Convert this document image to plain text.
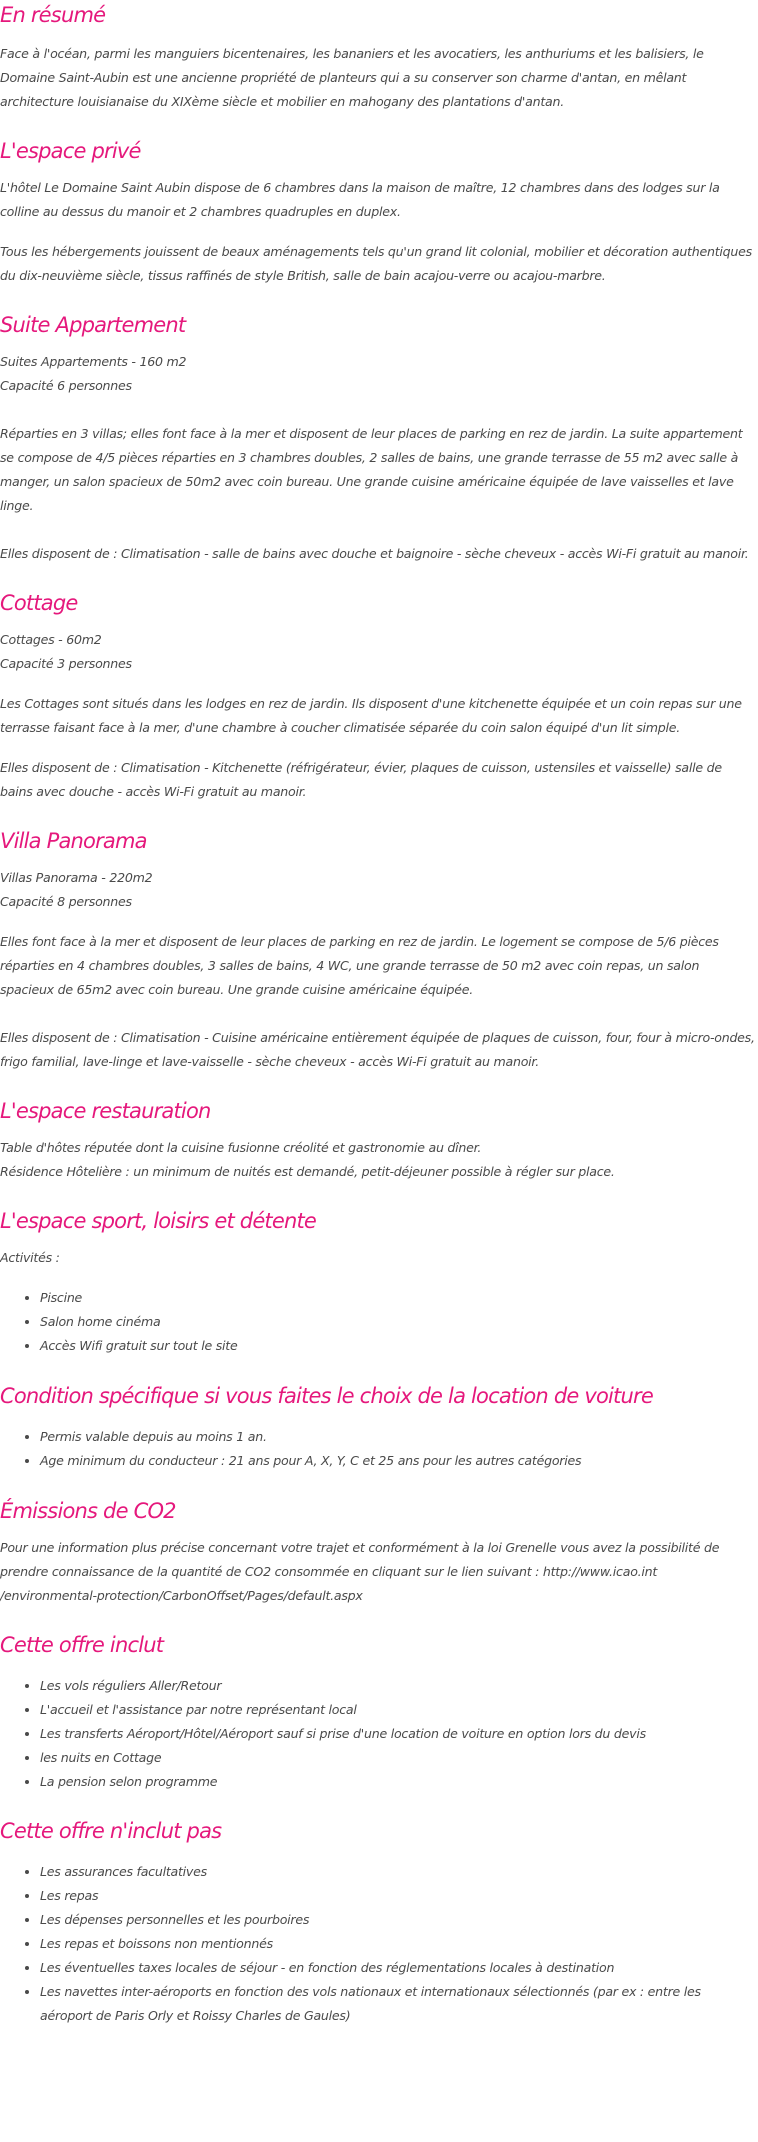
En résumé

Face à l'océan, parmi les manguiers bicentenaires, les bananiers et les avocatiers, les anthuriums et les balisiers, le Domaine Saint-Aubin est une ancienne propriété de planteurs qui a su conserver son charme d'antan, en mêlant architecture louisianaise du XIXème siècle et mobilier en mahogany des plantations d'antan.

L'espace privé

L'hôtel Le Domaine Saint Aubin dispose de 6 chambres dans la maison de maître, 12 chambres dans des lodges sur la colline au dessus du manoir et 2 chambres quadruples en duplex.

Tous les hébergements jouissent de beaux aménagements tels qu'un grand lit colonial, mobilier et décoration authentiques du dix-neuvième siècle, tissus raffinés de style British, salle de bain acajou-verre ou acajou-marbre.

Suite Appartement

Suites Appartements - 160 m2
Capacité 6 personnes

Réparties en 3 villas; elles font face à la mer et disposent de leur places de parking en rez de jardin. La suite appartement se compose de 4/5 pièces réparties en 3 chambres doubles, 2 salles de bains, une grande terrasse de 55 m2 avec salle à manger, un salon spacieux de 50m2 avec coin bureau. Une grande cuisine américaine équipée de lave vaisselles et lave linge.

Elles disposent de : Climatisation - salle de bains avec douche et baignoire - sèche cheveux - accès Wi-Fi gratuit au manoir.

Cottage

Cottages - 60m2
Capacité 3 personnes

Les Cottages sont situés dans les lodges en rez de jardin. Ils disposent d'une kitchenette équipée et un coin repas sur une terrasse faisant face à la mer, d'une chambre à coucher climatisée séparée du coin salon équipé d'un lit simple.

Elles disposent de : Climatisation - Kitchenette (réfrigérateur, évier, plaques de cuisson, ustensiles et vaisselle) salle de bains avec douche - accès Wi-Fi gratuit au manoir.

Villa Panorama

Villas Panorama - 220m2
Capacité 8 personnes

Elles font face à la mer et disposent de leur places de parking en rez de jardin. Le logement se compose de 5/6 pièces réparties en 4 chambres doubles, 3 salles de bains, 4 WC, une grande terrasse de 50 m2 avec coin repas, un salon spacieux de 65m2 avec coin bureau. Une grande cuisine américaine équipée.

Elles disposent de : Climatisation - Cuisine américaine entièrement équipée de plaques de cuisson, four, four à micro-ondes, frigo familial, lave-linge et lave-vaisselle - sèche cheveux - accès Wi-Fi gratuit au manoir.

L'espace restauration

Table d'hôtes réputée dont la cuisine fusionne créolité et gastronomie au dîner.
Résidence Hôtelière : un minimum de nuités est demandé, petit-déjeuner possible à régler sur place.

L'espace sport, loisirs et détente

Activités :

• Piscine
• Salon home cinéma
• Accès Wifi gratuit sur tout le site
Condition spécifique si vous faites le choix de la location de voiture
• Permis valable depuis au moins 1 an.
• Age minimum du conducteur : 21 ans pour A, X, Y, C et 25 ans pour les autres catégories
Émissions de CO2

Pour une information plus précise concernant votre trajet et conformément à la loi Grenelle vous avez la possibilité de prendre connaissance de la quantité de CO2 consommée en cliquant sur le lien suivant : http://www.icao.int /environmental-protection/CarbonOffset/Pages/default.aspx

Cette offre inclut
• Les vols réguliers Aller/Retour
• L'accueil et l'assistance par notre représentant local
• Les transferts Aéroport/Hôtel/Aéroport sauf si prise d'une location de voiture en option lors du devis
• les nuits en Cottage
• La pension selon programme
Cette offre n'inclut pas
• Les assurances facultatives
• Les repas
• Les dépenses personnelles et les pourboires
• Les repas et boissons non mentionnés
• Les éventuelles taxes locales de séjour - en fonction des réglementations locales à destination
• Les navettes inter-aéroports en fonction des vols nationaux et internationaux sélectionnés (par ex : entre les aéroport de Paris Orly et Roissy Charles de Gaules)
